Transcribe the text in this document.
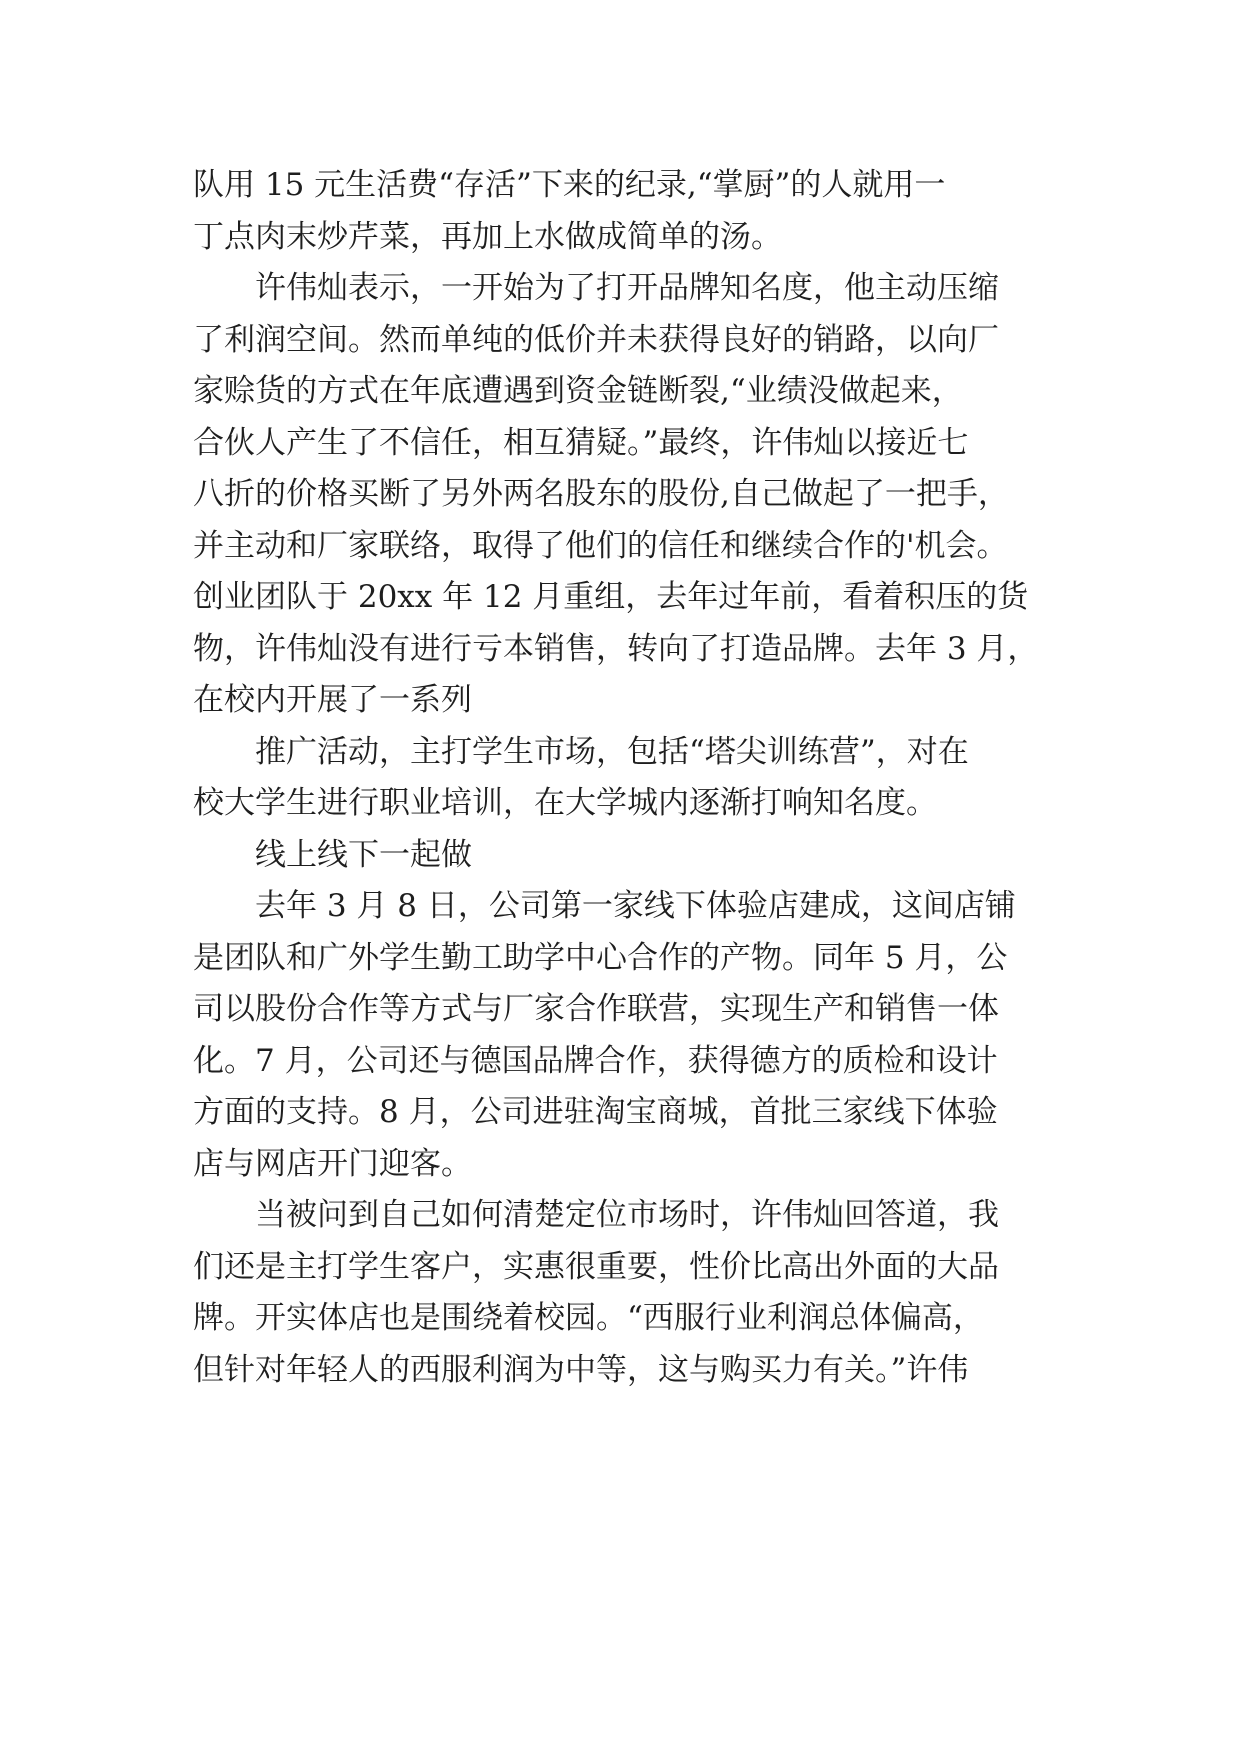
队用 15 元生活费“存活”下来的纪录,“掌厨”的人就用一

丁点肉末炒芹菜，再加上水做成简单的汤。

许伟灿表示，一开始为了打开品牌知名度，他主动压缩

了利润空间。然而单纯的低价并未获得良好的销路，以向厂

家赊货的方式在年底遭遇到资金链断裂,“业绩没做起来，

合伙人产生了不信任，相互猜疑。”最终，许伟灿以接近七

八折的价格买断了另外两名股东的股份,自己做起了一把手，

并主动和厂家联络，取得了他们的信任和继续合作的'机会。

创业团队于 20xx 年 12 月重组，去年过年前，看着积压的货

物，许伟灿没有进行亏本销售，转向了打造品牌。去年 3 月，

在校内开展了一系列

推广活动，主打学生市场，包括“塔尖训练营”，对在

校大学生进行职业培训，在大学城内逐渐打响知名度。

线上线下一起做

去年 3 月 8 日，公司第一家线下体验店建成，这间店铺

是团队和广外学生勤工助学中心合作的产物。同年 5 月，公

司以股份合作等方式与厂家合作联营，实现生产和销售一体

化。7 月，公司还与德国品牌合作，获得德方的质检和设计

方面的支持。8 月，公司进驻淘宝商城，首批三家线下体验

店与网店开门迎客。

当被问到自己如何清楚定位市场时，许伟灿回答道，我

们还是主打学生客户，实惠很重要，性价比高出外面的大品

牌。开实体店也是围绕着校园。“西服行业利润总体偏高，

但针对年轻人的西服利润为中等，这与购买力有关。”许伟
